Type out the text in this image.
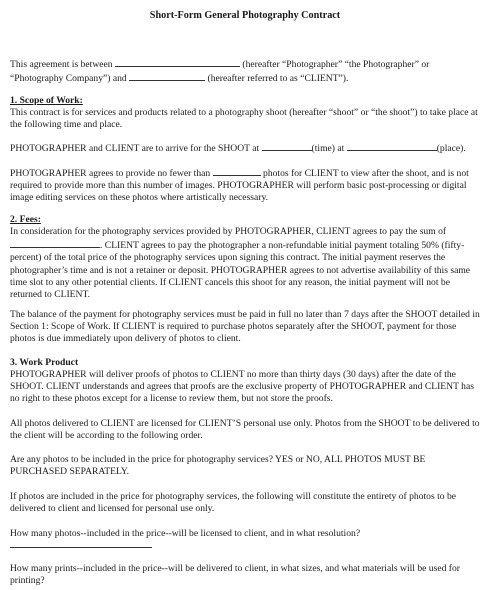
Short-Form General Photography Contract
This agreement is between	(hereafter “Photographer” “the Photographer” or “Photography Company”) and	(hereafter referred to as “CLIENT”).
1. Scope of Work:
This contract is for services and products related to a photography shoot (hereafter “shoot” or “the shoot”) to take place at the following time and place.
PHOTOGRAPHER and CLIENT are to arrive for the SHOOT at	(time) at	(place).
PHOTOGRAPHER agrees to provide no fewer than	photos for CLIENT to view after the shoot, and is not required to provide more than this number of images. PHOTOGRAPHER will perform basic post-processing or digital image editing services on these photos where artistically necessary.
2. Fees:
In consideration for the photography services provided by PHOTOGRAPHER, CLIENT agrees to pay the sum of . CLIENT agrees to pay the photographer a non-refundable initial payment totaling 50% (fifty-percent) of the total price of the photography services upon signing this contract. The initial payment reserves the photographer’s time and is not a retainer or deposit. PHOTOGRAPHER agrees to not advertise availability of this same time slot to any other potential clients. If CLIENT cancels this shoot for any reason, the initial payment will not be returned to CLIENT.
The balance of the payment for photography services must be paid in full no later than 7 days after the SHOOT detailed in Section 1: Scope of Work. If CLIENT is required to purchase photos separately after the SHOOT, payment for those photos is due immediately upon delivery of photos to client.
3. Work Product
PHOTOGRAPHER will deliver proofs of photos to CLIENT no more than thirty days (30 days) after the date of the SHOOT. CLIENT understands and agrees that proofs are the exclusive property of PHOTOGRAPHER and CLIENT has no right to these photos except for a license to review them, but not store the proofs.
All photos delivered to CLIENT are licensed for CLIENT’S personal use only. Photos from the SHOOT to be delivered to the client will be according to the following order.
Are any photos to be included in the price for photography services? YES or NO, ALL PHOTOS MUST BE PURCHASED SEPARATELY.
If photos are included in the price for photography services, the following will constitute the entirety of photos to be delivered to client and licensed for personal use only.
How many photos--included in the price--will be licensed to client, and in what resolution?
How many prints--included in the price--will be delivered to client, in what sizes, and what materials will be used for printing?
